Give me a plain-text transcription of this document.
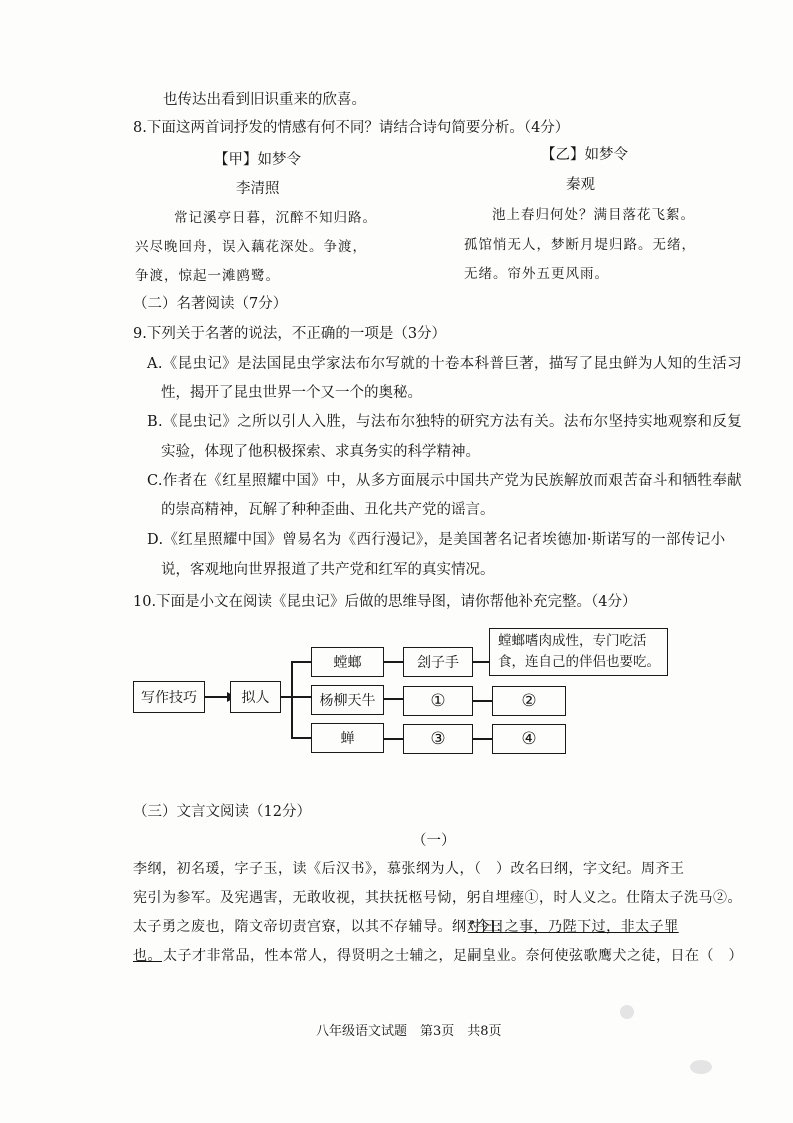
也传达出看到旧识重来的欣喜。
8.下面这两首词抒发的情感有何不同？请结合诗句简要分析。（4分）
【甲】如梦令
李清照
常记溪亭日暮，沉醉不知归路。
兴尽晚回舟，误入藕花深处。争渡，
争渡，惊起一滩鸥鹭。
【乙】如梦令
秦观
池上春归何处？满目落花飞絮。
孤馆悄无人，梦断月堤归路。无绪，
无绪。帘外五更风雨。
（二）名著阅读（7分）
9.下列关于名著的说法，不正确的一项是（3分）
A.《昆虫记》是法国昆虫学家法布尔写就的十卷本科普巨著，描写了昆虫鲜为人知的生活习
性，揭开了昆虫世界一个又一个的奥秘。
B.《昆虫记》之所以引人入胜，与法布尔独特的研究方法有关。法布尔坚持实地观察和反复
实验，体现了他积极探索、求真务实的科学精神。
C.作者在《红星照耀中国》中，从多方面展示中国共产党为民族解放而艰苦奋斗和牺牲奉献
的崇高精神，瓦解了种种歪曲、丑化共产党的谣言。
D.《红星照耀中国》曾易名为《西行漫记》，是美国著名记者埃德加·斯诺写的一部传记小
说，客观地向世界报道了共产党和红军的真实情况。
10.下面是小文在阅读《昆虫记》后做的思维导图，请你帮他补充完整。（4分）
写作技巧	拟人
螳螂
杨柳天牛
蝉
刽子手
①
③
螳螂嗜肉成性，专门吃活
食，连自己的伴侣也要吃。
②
④
（三）文言文阅读（12分）
（一）
李纲，初名瑗，字子玉，读《后汉书》，慕张纲为人，（　）改名曰纲，字文纪。周齐王
宪引为参军。及宪遇害，无敢收视，其扶抚柩号恸，躬自埋瘗①，时人义之。仕隋太子洗马②。
太子勇之废也，隋文帝切责宫寮，以其不存辅导。纲对曰：
“今日之事，乃陛下过，非太子罪
也。 太子才非常品，性本常人，得贤明之士辅之，足嗣皇业。奈何使弦歌鹰犬之徒，日在（　）
八年级语文试题　第3页　共8页
